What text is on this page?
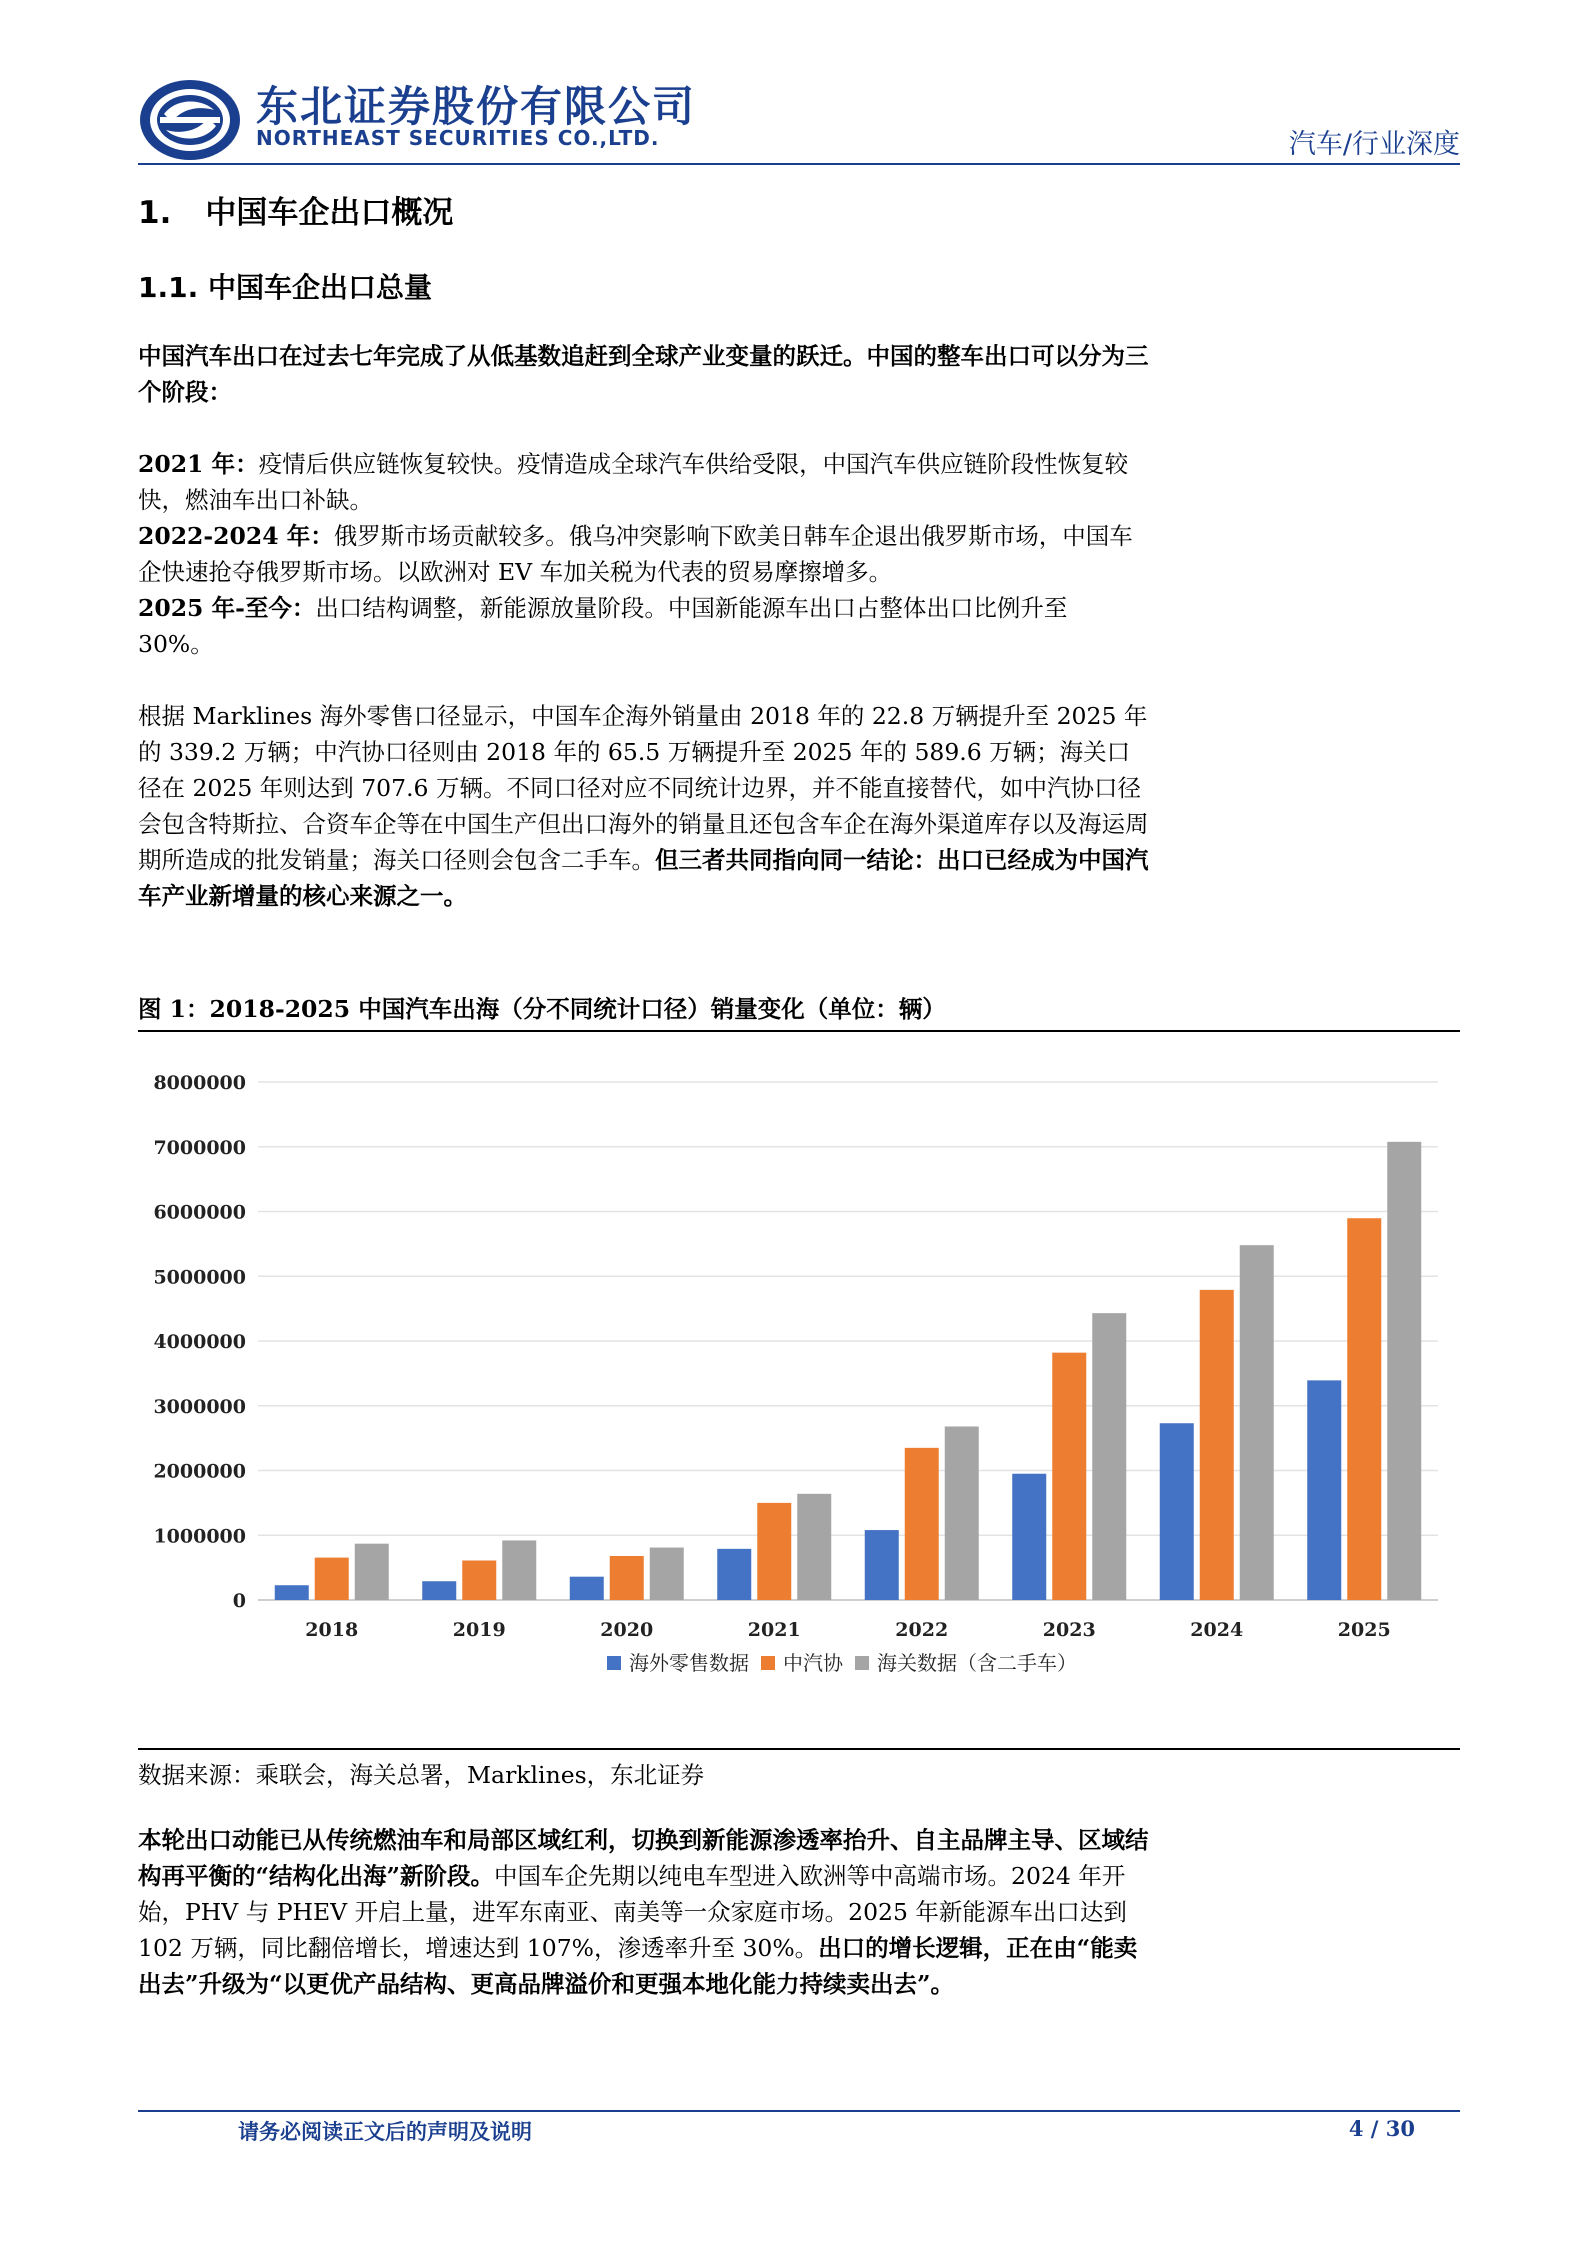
东北证券股份有限公司
NORTHEAST SECURITIES CO.,LTD.	汽车/行业深度
1. 中国车企出口概况
1.1. 中国车企出口总量

中国汽车出口在过去七年完成了从低基数追赶到全球产业变量的跃迁。中国的整车出口可以分为三个阶段：

2021 年：疫情后供应链恢复较快。疫情造成全球汽车供给受限，中国汽车供应链阶段性恢复较快，燃油车出口补缺。

2022-2024 年：俄罗斯市场贡献较多。俄乌冲突影响下欧美日韩车企退出俄罗斯市场，中国车企快速抢夺俄罗斯市场。以欧洲对 EV 车加关税为代表的贸易摩擦增多。

2025 年-至今：出口结构调整，新能源放量阶段。中国新能源车出口占整体出口比例升至 30%。

根据 Marklines 海外零售口径显示，中国车企海外销量由 2018 年的 22.8 万辆提升至 2025 年的 339.2 万辆；中汽协口径则由 2018 年的 65.5 万辆提升至 2025 年的 589.6 万辆；海关口径在 2025 年则达到 707.6 万辆。不同口径对应不同统计边界，并不能直接替代，如中汽协口径会包含特斯拉、合资车企等在中国生产但出口海外的销量且还包含车企在海外渠道库存以及海运周期所造成的批发销量；海关口径则会包含二手车。但三者共同指向同一结论：出口已经成为中国汽车产业新增量的核心来源之一。

图 1：2018-2025 中国汽车出海（分不同统计口径）销量变化（单位：辆）
0
1000000
2000000
3000000
4000000
5000000
6000000
7000000
8000000
2018	2019	2020	2021	2022	2023	2024	2025
海外零售数据 中汽协 海关数据（含二手车）
数据来源：乘联会，海关总署，Marklines，东北证券

本轮出口动能已从传统燃油车和局部区域红利，切换到新能源渗透率抬升、自主品牌主导、区域结构再平衡的“结构化出海”新阶段。中国车企先期以纯电车型进入欧洲等中高端市场。2024 年开始，PHV 与 PHEV 开启上量，进军东南亚、南美等一众家庭市场。2025 年新能源车出口达到 102 万辆，同比翻倍增长，增速达到 107%，渗透率升至 30%。出口的增长逻辑，正在由“能卖出去”升级为“以更优产品结构、更高品牌溢价和更强本地化能力持续卖出去”。

请务必阅读正文后的声明及说明	4 / 30
